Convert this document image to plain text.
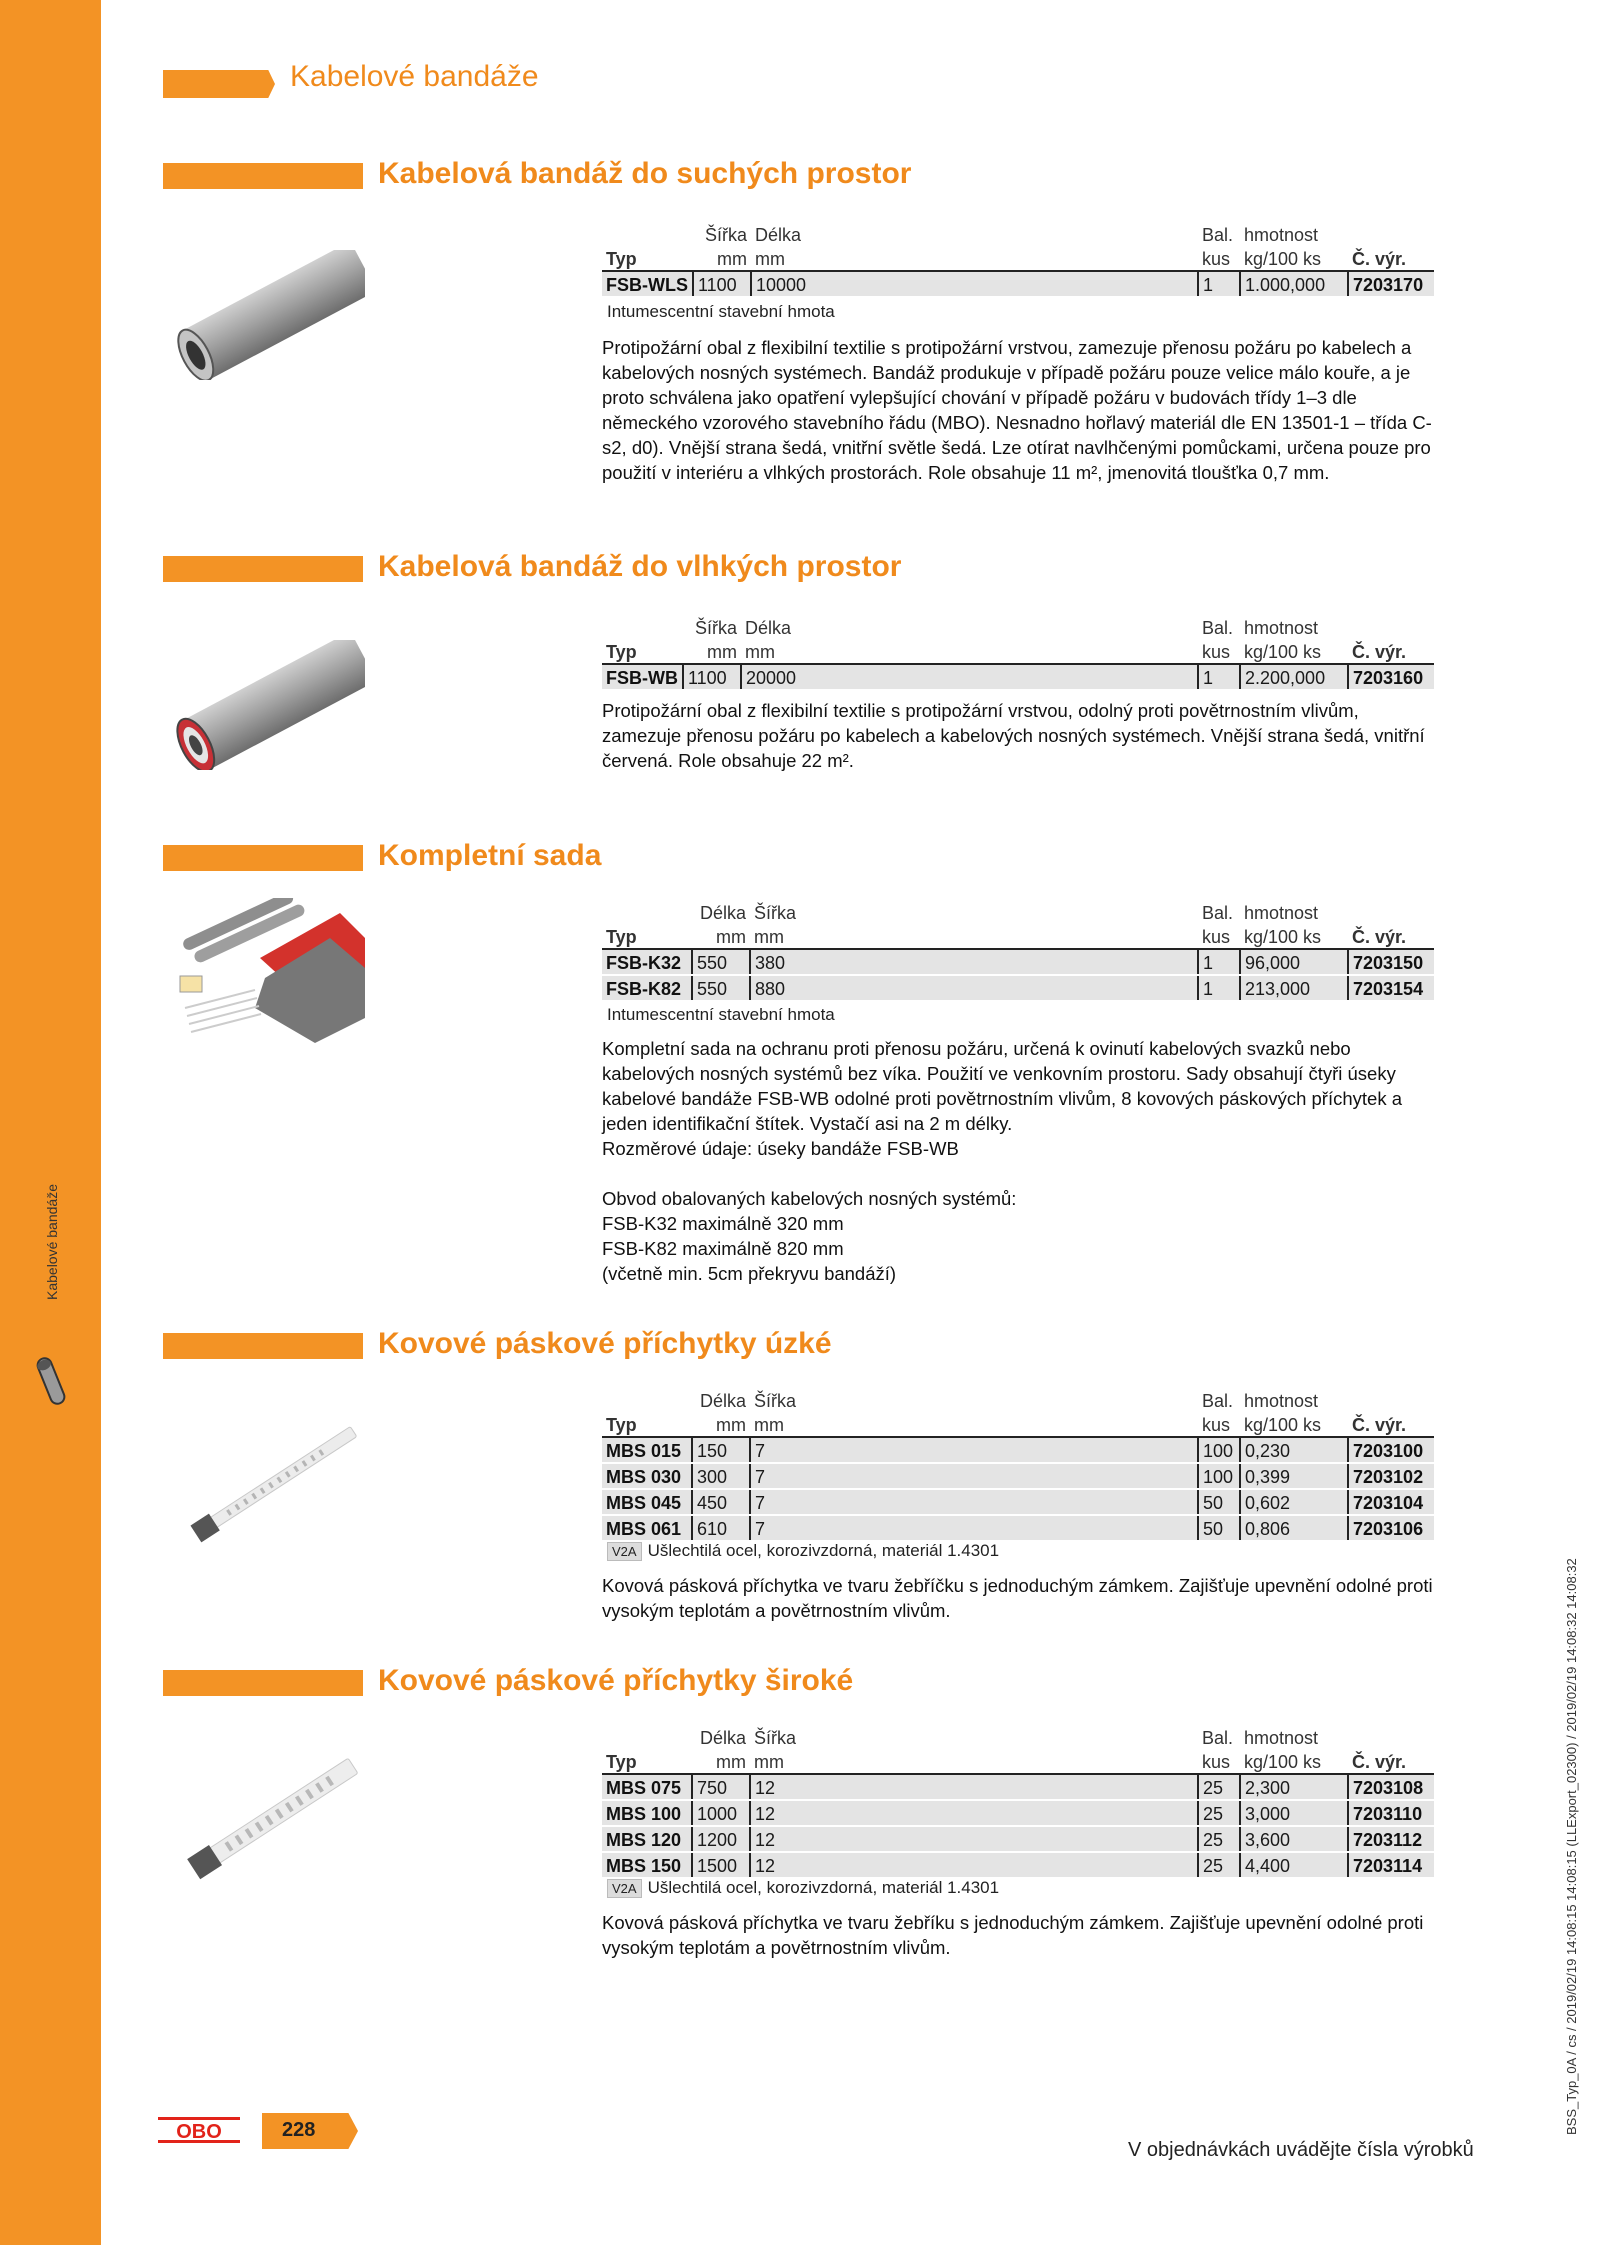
Kabelové bandáže
Kabelové bandáže
Kabelová bandáž do suchých prostor
	Šířka	Délka	Bal.	hmotnost	
Typ	mm	mm	kus	kg/100 ks	Č. výr.
FSB-WLS	1100	10000	1	1.000,000	7203170
Intumescentní stavební hmota

Protipožární obal z flexibilní textilie s protipožární vrstvou, zamezuje přenosu požáru po kabelech a kabelových nosných systémech. Bandáž produkuje v případě požáru pouze velice málo kouře, a je proto schválena jako opatření vylepšující chování v případě požáru v budovách třídy 1–3 dle německého vzorového stavebního řádu (MBO). Nesnadno hořlavý materiál dle EN 13501-1 – třída C-s2, d0). Vnější strana šedá, vnitřní světle šedá. Lze otírat navlhčenými pomůckami, určena pouze pro použití v interiéru a vlhkých prostorách. Role obsahuje 11 m², jmenovitá tloušťka 0,7 mm.

Kabelová bandáž do vlhkých prostor
	Šířka	Délka	Bal.	hmotnost	
Typ	mm	mm	kus	kg/100 ks	Č. výr.
FSB-WB	1100	20000	1	2.200,000	7203160

Protipožární obal z flexibilní textilie s protipožární vrstvou, odolný proti povětrnostním vlivům, zamezuje přenosu požáru po kabelech a kabelových nosných systémech. Vnější strana šedá, vnitřní červená. Role obsahuje 22 m².

Kompletní sada
	Délka	Šířka	Bal.	hmotnost	
Typ	mm	mm	kus	kg/100 ks	Č. výr.
FSB-K32	550	380	1	96,000	7203150
FSB-K82	550	880	1	213,000	7203154
Intumescentní stavební hmota

Kompletní sada na ochranu proti přenosu požáru, určená k ovinutí kabelových svazků nebo kabelových nosných systémů bez víka. Použití ve venkovním prostoru. Sady obsahují čtyři úseky kabelové bandáže FSB-WB odolné proti povětrnostním vlivům, 8 kovových páskových příchytek a jeden identifikační štítek. Vystačí asi na 2 m délky.

Rozměrové údaje: úseky bandáže FSB-WB

Obvod obalovaných kabelových nosných systémů:

FSB-K32 maximálně 320 mm

FSB-K82 maximálně 820 mm

(včetně min. 5cm překryvu bandáží)

Kovové páskové příchytky úzké
	Délka	Šířka	Bal.	hmotnost	
Typ	mm	mm	kus	kg/100 ks	Č. výr.
MBS 015	150	7	100	0,230	7203100
MBS 030	300	7	100	0,399	7203102
MBS 045	450	7	50	0,602	7203104
MBS 061	610	7	50	0,806	7203106
V2A Ušlechtilá ocel, korozivzdorná, materiál 1.4301

Kovová pásková příchytka ve tvaru žebříčku s jednoduchým zámkem. Zajišťuje upevnění odolné proti vysokým teplotám a povětrnostním vlivům.

Kovové páskové příchytky široké
	Délka	Šířka	Bal.	hmotnost	
Typ	mm	mm	kus	kg/100 ks	Č. výr.
MBS 075	750	12	25	2,300	7203108
MBS 100	1000	12	25	3,000	7203110
MBS 120	1200	12	25	3,600	7203112
MBS 150	1500	12	25	4,400	7203114
V2A Ušlechtilá ocel, korozivzdorná, materiál 1.4301

Kovová pásková příchytka ve tvaru žebříku s jednoduchým zámkem. Zajišťuje upevnění odolné proti vysokým teplotám a povětrnostním vlivům.

OBO	228
V objednávkách uvádějte čísla výrobků
BSS_Typ_0A / cs / 2019/02/19 14:08:15 14:08:15 (LLExport_02300) / 2019/02/19 14:08:32 14:08:32
